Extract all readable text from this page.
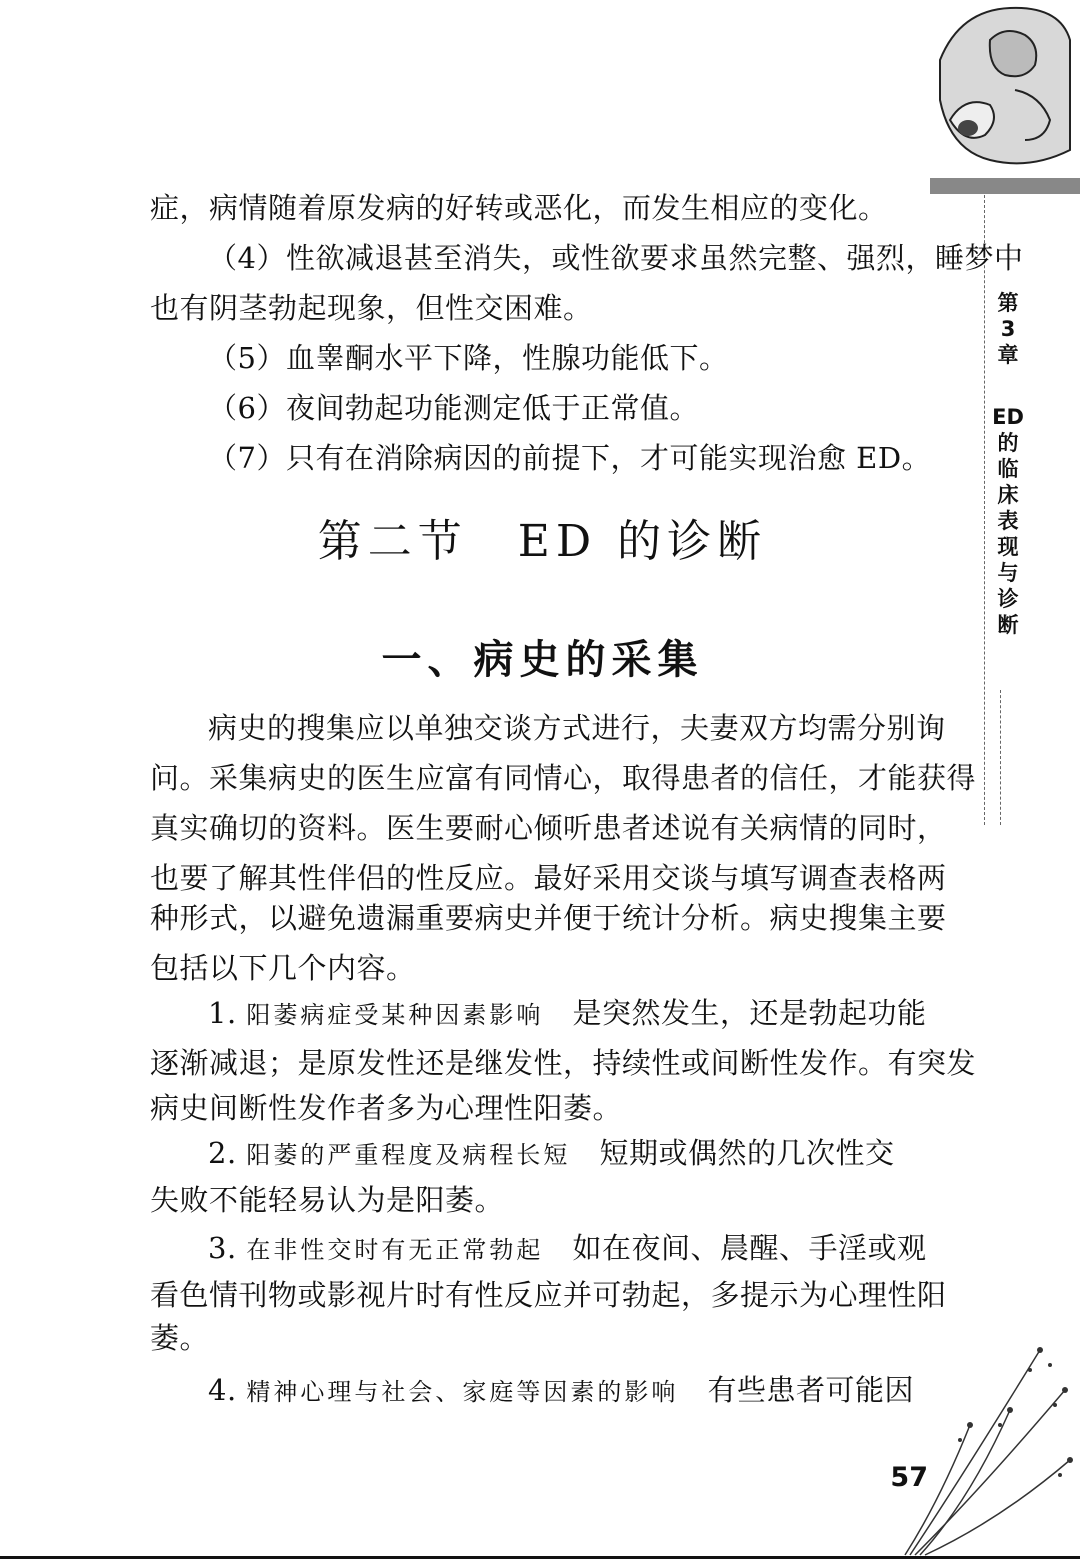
症，病情随着原发病的好转或恶化，而发生相应的变化。
（4）性欲减退甚至消失，或性欲要求虽然完整、强烈，睡梦中
也有阴茎勃起现象，但性交困难。
（5）血睾酮水平下降，性腺功能低下。
（6）夜间勃起功能测定低于正常值。
（7）只有在消除病因的前提下，才可能实现治愈 ED。
第二节　ED 的诊断
一、病史的采集
病史的搜集应以单独交谈方式进行，夫妻双方均需分别询
问。采集病史的医生应富有同情心，取得患者的信任，才能获得
真实确切的资料。医生要耐心倾听患者述说有关病情的同时，
也要了解其性伴侣的性反应。最好采用交谈与填写调查表格两
种形式，以避免遗漏重要病史并便于统计分析。病史搜集主要
包括以下几个内容。
1. 阳萎病症受某种因素影响 是突然发生，还是勃起功能
逐渐减退；是原发性还是继发性，持续性或间断性发作。有突发
病史间断性发作者多为心理性阳萎。
2. 阳萎的严重程度及病程长短 短期或偶然的几次性交
失败不能轻易认为是阳萎。
3. 在非性交时有无正常勃起 如在夜间、晨醒、手淫或观
看色情刊物或影视片时有性反应并可勃起，多提示为心理性阳
萎。
4. 精神心理与社会、家庭等因素的影响 有些患者可能因
第
3
章
ED
的
临
床
表
现
与
诊
断
57
